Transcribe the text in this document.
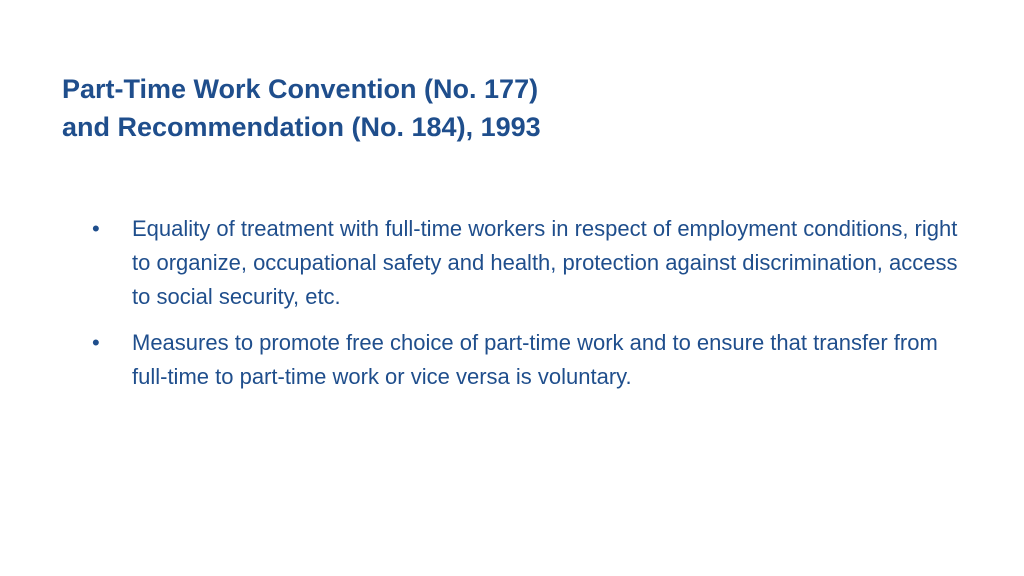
Part-Time Work Convention (No. 177)
and Recommendation (No. 184), 1993
•	Equality of treatment with full-time workers in respect of employment conditions, right to organize, occupational safety and health, protection against discrimination, access to social security, etc.
•	Measures to promote free choice of part-time work and to ensure that transfer from full-time to part-time work or vice versa is voluntary.
